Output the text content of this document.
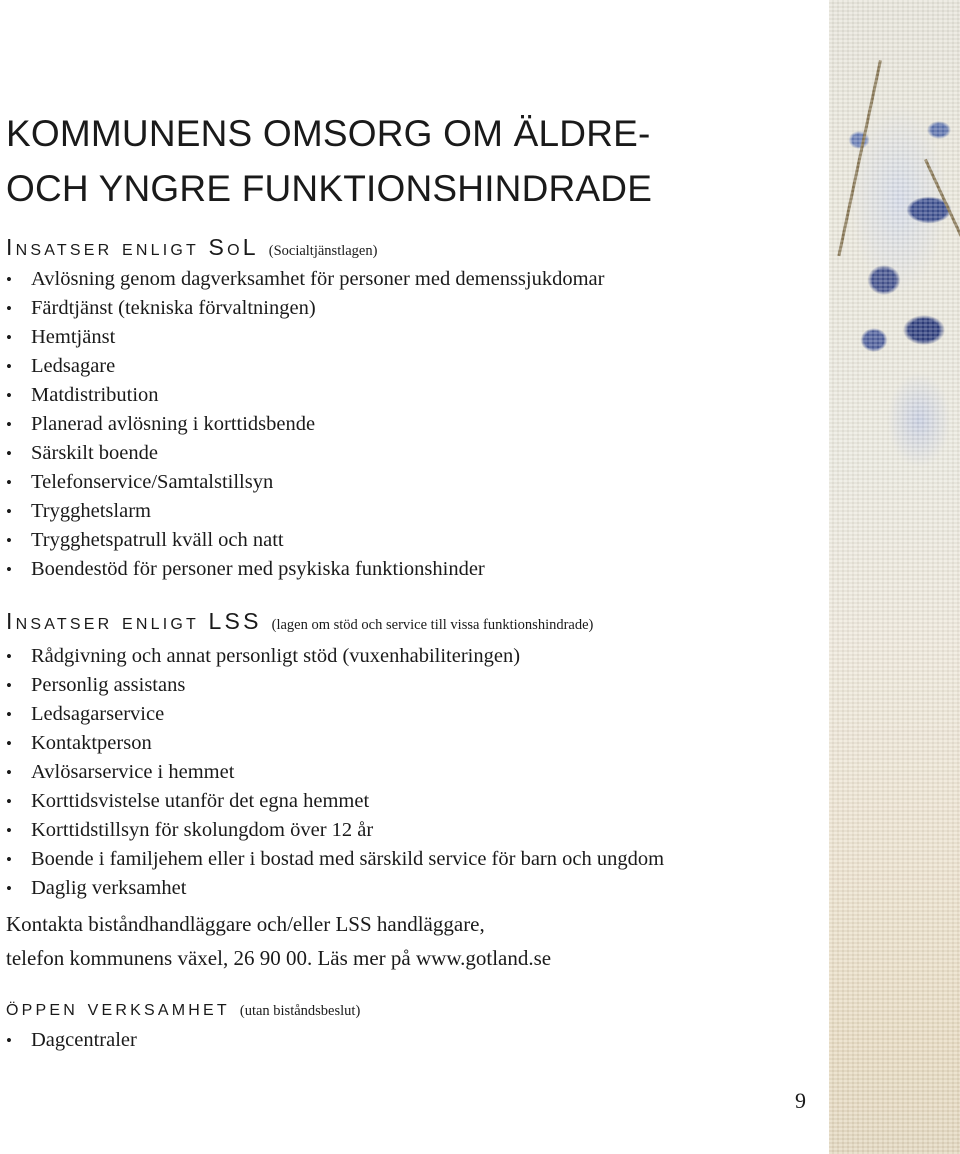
KOMMUNENS OMSORG OM ÄLDRE-
OCH YNGRE FUNKTIONSHINDRADE
Insatser enligt SoL (Socialtjänstlagen)
• Avlösning genom dagverksamhet för personer med demenssjukdomar
• Färdtjänst (tekniska förvaltningen)
• Hemtjänst
• Ledsagare
• Matdistribution
• Planerad avlösning i korttidsbende
• Särskilt boende
• Telefonservice/Samtalstillsyn
• Trygghetslarm
• Trygghetspatrull kväll och natt
• Boendestöd för personer med psykiska funktionshinder
Insatser enligt LSS (lagen om stöd och service till vissa funktionshindrade)
• Rådgivning och annat personligt stöd (vuxenhabiliteringen)
• Personlig assistans
• Ledsagarservice
• Kontaktperson
• Avlösarservice i hemmet
• Korttidsvistelse utanför det egna hemmet
• Korttidstillsyn för skolungdom över 12 år
• Boende i familjehem eller i bostad med särskild service för barn och ungdom
• Daglig verksamhet
Kontakta biståndhandläggare och/eller LSS handläggare,
telefon kommunens växel, 26 90 00. Läs mer på www.gotland.se
öppen verksamhet (utan biståndsbeslut)
• Dagcentraler
9
